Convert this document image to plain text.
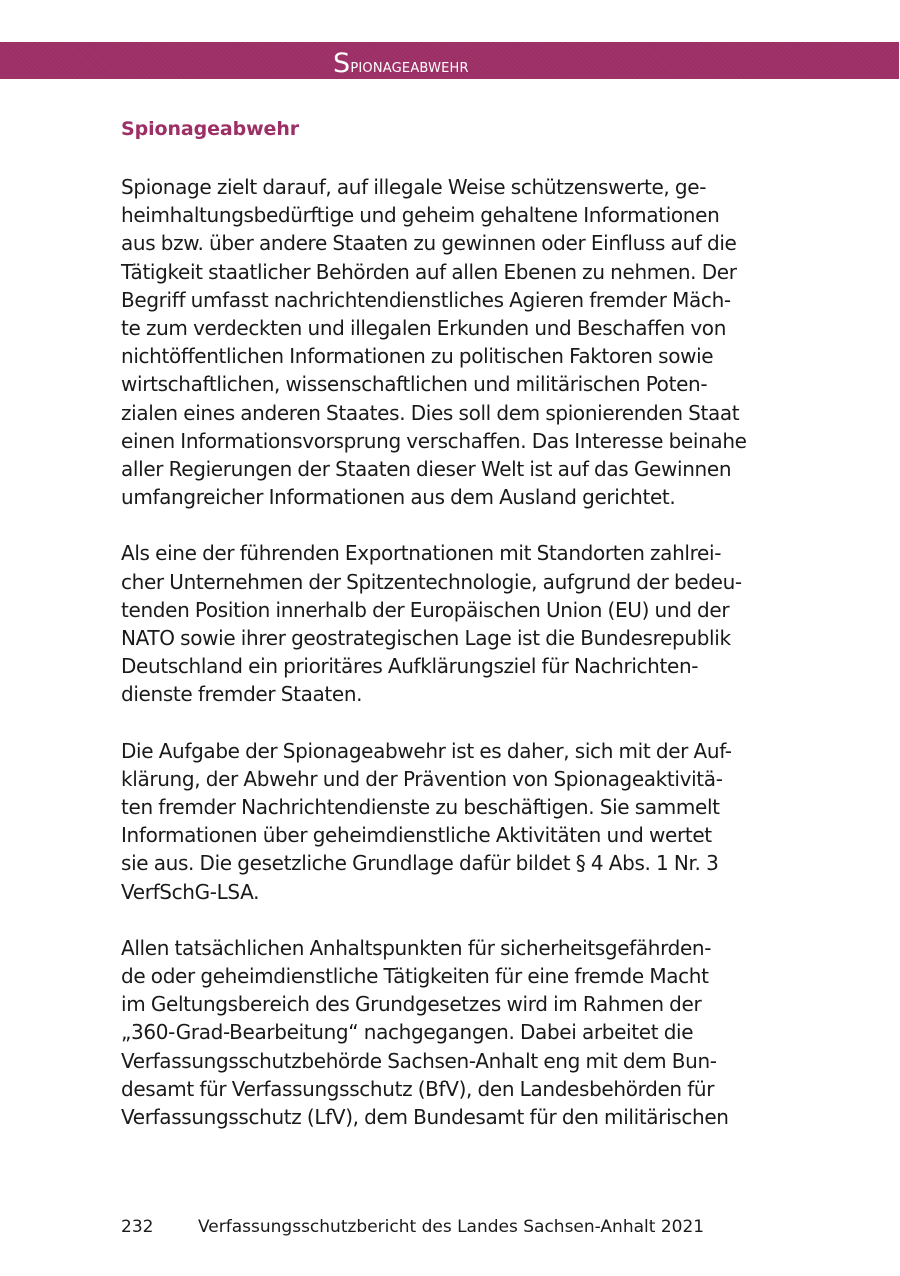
Spionageabwehr
Spionageabwehr

Spionage zielt darauf, auf illegale Weise schützenswerte, ge-
heimhaltungsbedürftige und geheim gehaltene Informationen
aus bzw. über andere Staaten zu gewinnen oder Einfluss auf die
Tätigkeit staatlicher Behörden auf allen Ebenen zu nehmen. Der
Begriff umfasst nachrichtendienstliches Agieren fremder Mäch-
te zum verdeckten und illegalen Erkunden und Beschaffen von
nichtöffentlichen Informationen zu politischen Faktoren sowie
wirtschaftlichen, wissenschaftlichen und militärischen Poten-
zialen eines anderen Staates. Dies soll dem spionierenden Staat
einen Informationsvorsprung verschaffen. Das Interesse beinahe
aller Regierungen der Staaten dieser Welt ist auf das Gewinnen
umfangreicher Informationen aus dem Ausland gerichtet.

Als eine der führenden Exportnationen mit Standorten zahlrei-
cher Unternehmen der Spitzentechnologie, aufgrund der bedeu-
tenden Position innerhalb der Europäischen Union (EU) und der
NATO sowie ihrer geostrategischen Lage ist die Bundesrepublik
Deutschland ein prioritäres Aufklärungsziel für Nachrichten-
dienste fremder Staaten.

Die Aufgabe der Spionageabwehr ist es daher, sich mit der Auf-
klärung, der Abwehr und der Prävention von Spionageaktivitä-
ten fremder Nachrichtendienste zu beschäftigen. Sie sammelt
Informationen über geheimdienstliche Aktivitäten und wertet
sie aus. Die gesetzliche Grundlage dafür bildet § 4 Abs. 1 Nr. 3
VerfSchG-LSA.

Allen tatsächlichen Anhaltspunkten für sicherheitsgefährden-
de oder geheimdienstliche Tätigkeiten für eine fremde Macht
im Geltungsbereich des Grundgesetzes wird im Rahmen der
„360-Grad-Bearbeitung“ nachgegangen. Dabei arbeitet die
Verfassungsschutzbehörde Sachsen-Anhalt eng mit dem Bun-
desamt für Verfassungsschutz (BfV), den Landesbehörden für
Verfassungsschutz (LfV), dem Bundesamt für den militärischen

232	Verfassungsschutzbericht des Landes Sachsen-Anhalt 2021
